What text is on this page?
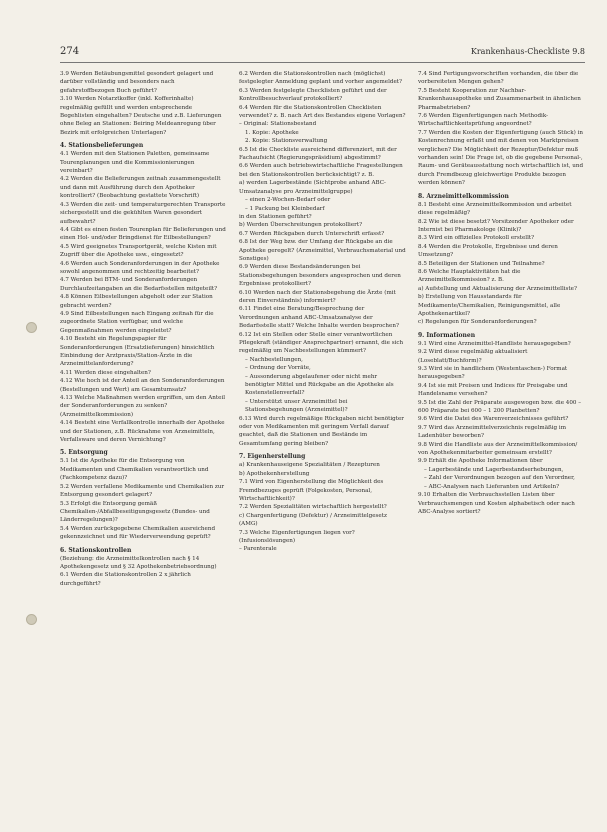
274	Krankenhaus-Checkliste 9.8

3.9 Werden Betäubungsmittel gesondert gelagert und darüber vollständig und besonders nach gefahrstoffbezogen Buch geführt?

3.10 Werden Notarztkoffer (inkl. Kofferinhalte) regelmäßig gefüllt und werden entsprechende Begehlisten eingehalten? Deutsche und z.B. Lieferungen ohne Beleg an Stationen: Beiring Meldeanregung über Bezirk mit erfolgreichen Unterlagen?

4. Stationsbelieferungen

4.1 Werden mit den Stationen Paletten, gemeinsame Tourenplanungen und die Kommissionierungen vereinbart?

4.2 Werden die Belieferungen zeitnah zusammengestellt und dann mit Ausführung durch den Apotheker kontrolliert? (Beobachtung gestattete Vorschrift)

4.3 Werden die zeit- und temperaturgerechten Transporte sichergestellt und die gekühlten Waren gesondert aufbewahrt?

4.4 Gibt es einen festen Tourenplan für Belieferungen und einen Hol- und/oder Bringdienst für Eilbestellungen?

4.5 Wird geeignetes Transportgerät, welche Kisten mit Zugriff über die Apotheke usw., eingesetzt?

4.6 Werden auch Sonderanforderungen in der Apotheke sowohl angenommen und rechtzeitig bearbeitet?

4.7 Werden bei BTM- und Sonderanforderungen Durchlaufzeitangaben an die Bedarfsstellen mitgeteilt?

4.8 Können Eilbestellungen abgeholt oder zur Station gebracht werden?

4.9 Sind Eilbestellungen nach Eingang zeitnah für die zugeordnete Station verfügbar, und welche Gegenmaßnahmen werden eingeleitet?

4.10 Besteht ein Regelungspapier für Sonderanforderungen (Ersatzlieferungen) hinsichtlich Einbindung der Arztpraxis/Station-Ärzte in die Arzneimittelanforderung?

4.11 Werden diese eingehalten?

4.12 Wie hoch ist der Anteil an den Sonderanforderungen (Bestellungen und Wert) am Gesamtumsatz?

4.13 Welche Maßnahmen werden ergriffen, um den Anteil der Sonderanforderungen zu senken? (Arzneimittelkommission)

4.14 Besteht eine Verfallkontrolle innerhalb der Apotheke und der Stationen, z.B. Rücknahme von Arzneimitteln, Verfallsware und deren Vernichtung?

5. Entsorgung

5.1 Ist die Apotheke für die Entsorgung von Medikamenten und Chemikalien verantwortlich und (Fachkompetenz dazu)?

5.2 Werden verfallene Medikamente und Chemikalien zur Entsorgung gesondert gelagert?

5.3 Erfolgt die Entsorgung gemäß Chemikalien-/Abfallbeseitigungsgesetz (Bundes- und Länderregelungen)?

5.4 Werden zurückgegebene Chemikalien ausreichend gekennzeichnet und für Wiederverwendung geprüft?

6. Stationskontrollen

(Beziehung: die Arzneimittelkontrollen nach § 14 Apothekengesetz und § 32 Apothekenbetriebsordnung)

6.1 Werden die Stationskontrollen 2 x jährlich durchgeführt?

6.2 Werden die Stationskontrollen nach (möglichst) festgelegter Anmeldung geplant und vorher angemeldet?

6.3 Werden festgelegte Checklisten geführt und der Kontrollbesuchverlauf protokolliert?

6.4 Werden für die Stationskontrollen Checklisten verwendet? z. B. nach Art des Bestandes eigene Vorlagen?

– Original: Stationsbestand

1. Kopie: Apotheke

2. Kopie: Stationsverwaltung

6.5 Ist die Checkliste ausreichend differenziert, mit der Fachaufsicht (Regierungspräsidium) abgestimmt?

6.6 Werden auch betriebswirtschaftliche Fragestellungen bei den Stationskontrollen berücksichtigt? z. B.

a) werden Lagerbestände (Sichtprobe anhand ABC-Umsatzanalyse pro Arzneimittelgruppe)

– einen 2-Wochen-Bedarf oder

– 1 Packung bei Kleinbedarf

in den Stationen geführt?

b) Werden Überschreitungen protokolliert?

6.7 Werden Rückgaben durch Unterschrift erfasst?

6.8 Ist der Weg bzw. der Umfang der Rückgabe an die Apotheke geregelt? (Arzneimittel, Verbrauchsmaterial und Sonstiges)

6.9 Werden diese Bestandsänderungen bei Stationsbegehungen besonders angesprochen und deren Ergebnisse protokolliert?

6.10 Werden nach der Stationsbegehung die Ärzte (mit deren Einverständnis) informiert?

6.11 Findet eine Beratung/Besprechung der Verordnungen anhand ABC-Umsatzanalyse der Bedarfsstelle statt? Welche Inhalte werden besprochen?

6.12 Ist ein Stellen oder Stelle einer verantwortlichen Pflegekraft (ständiger Ansprechpartner) ernannt, die sich regelmäßig um Nachbestellungen kümmert?

– Nachbestellungen,

– Ordnung der Vorräte,

– Aussonderung abgelaufener oder nicht mehr benötigter Mittel und Rückgabe an die Apotheke als Kostenstellenverfall?

– Unterstützt unser Arzneimittel bei Stationsbegehungen (Arzneimittel)?

6.13 Wird durch regelmäßige Rückgaben nicht benötigter oder von Medikamenten mit geringem Verfall darauf geachtet, daß die Stationen und Bestände im Gesamtumfang gering bleiben?

7. Eigenherstellung

a) Krankenhauseigene Spezialitäten / Rezepturen

b) Apothekenherstellung

7.1 Wird von Eigenherstellung die Möglichkeit des Fremdbezuges geprüft (Folgekosten, Personal, Wirtschaftlichkeit)?

7.2 Werden Spezialitäten wirtschaftlich hergestellt?

c) Chargenfertigung (Defektur) / Arzneimittelgesetz (AMG)

7.3 Welche Eigenfertigungen liegen vor? (Infusionslösungen)

– Parenterale

7.4 Sind Fertigungsvorschriften vorhanden, die über die vorbereiteten Mengen gehen?

7.5 Besteht Kooperation zur Nachbar-Krankenhausapotheke und Zusammenarbeit in ähnlichen Pharmabetrieben?

7.6 Werden Eigenfertigungen nach Methodik-Wirtschaftlichkeitsprüfung angeordnet?

7.7 Werden die Kosten der Eigenfertigung (auch Stück) in Kostenrechnung erfaßt und mit denen von Marktpreisen verglichen? Die Möglichkeit der Rezeptur/Defektur muß vorhanden sein! Die Frage ist, ob die gegebene Personal-, Raum- und Geräteausstattung noch wirtschaftlich ist, und durch Fremdbezug gleichwertige Produkte bezogen werden können?

8. Arzneimittelkommission

8.1 Besteht eine Arzneimittelkommission und arbeitet diese regelmäßig?

8.2 Wie ist diese besetzt? Vorsitzender Apotheker oder Internist bei Pharmakologe (Klinik)?

8.3 Wird ein offizielles Protokoll erstellt?

8.4 Werden die Protokolle, Ergebnisse und deren Umsetzung?

8.5 Beteiligen der Stationen und Teilnahme?

8.6 Welche Hauptaktivitäten hat die Arzneimittelkommission? z. B.

a) Aufstellung und Aktualisierung der Arzneimittelliste?

b) Erstellung von Hausstandards für Medikamente/Chemikalien, Reinigungsmittel, alle Apothekenartikel?

c) Regelungen für Sonderanforderungen?

9. Informationen

9.1 Wird eine Arzneimittel-Handliste herausgegeben?

9.2 Wird diese regelmäßig aktualisiert (Loseblatt/Buchform)?

9.3 Wird sie in handlichem (Westentaschen-) Format herausgegeben?

9.4 Ist sie mit Preisen und Indices für Preisgabe und Handelsname versehen?

9.5 Ist die Zahl der Präparate ausgewogen bzw. die 400 – 600 Präparate bei 600 – 1 200 Planbetten?

9.6 Wird die Datei des Warenverzeichnisses geführt?

9.7 Wird das Arzneimittelverzeichnis regelmäßig im Ladenhüter beworben?

9.8 Wird die Handliste aus der Arzneimittelkommission/ von Apothekenmitarbeiter gemeinsam erstellt?

9.9 Erhält die Apotheke Informationen über

– Lagerbestände und Lagerbestandserhebungen,

– Zahl der Verordnungen bezogen auf den Verordner,

– ABC-Analysen nach Lieferanten und Artikeln?

9.10 Erhalten die Verbrauchsstellen Listen über Verbrauchsmengen und Kosten alphabetisch oder nach ABC-Analyse sortiert?
